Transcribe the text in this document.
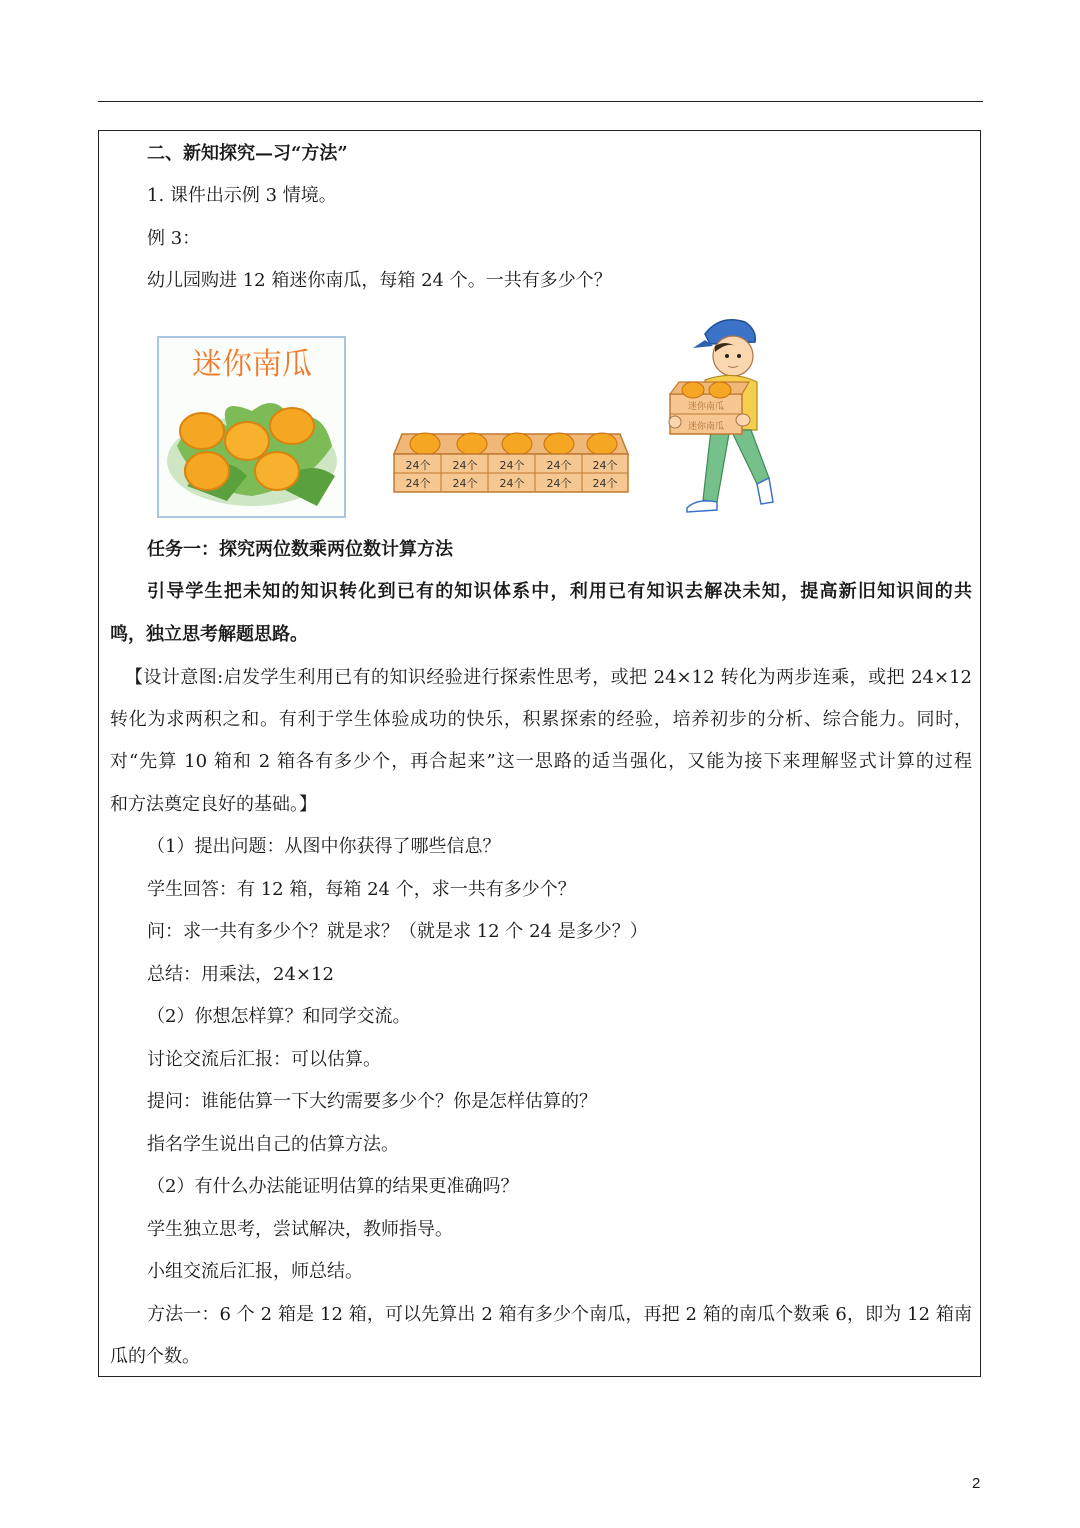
二、新知探究—习“方法”
1. 课件出示例 3 情境。
例 3：
幼儿园购进 12 箱迷你南瓜，每箱 24 个。一共有多少个？
迷你南瓜
24个 24个 24个 24个 24个
24个 24个 24个 24个 24个
迷你南瓜
迷你南瓜
任务一：探究两位数乘两位数计算方法
引导学生把未知的知识转化到已有的知识体系中，利用已有知识去解决未知，提高新旧知识间的共
鸣，独立思考解题思路。
【设计意图:启发学生利用已有的知识经验进行探索性思考，或把 24×12 转化为两步连乘，或把 24×12
转化为求两积之和。有利于学生体验成功的快乐，积累探索的经验，培养初步的分析、综合能力。同时，
对“先算 10 箱和 2 箱各有多少个，再合起来”这一思路的适当强化，又能为接下来理解竖式计算的过程
和方法奠定良好的基础。】
（1）提出问题：从图中你获得了哪些信息？
学生回答：有 12 箱，每箱 24 个，求一共有多少个？
问：求一共有多少个？就是求？（就是求 12 个 24 是多少？）
总结：用乘法，24×12
（2）你想怎样算？和同学交流。
讨论交流后汇报：可以估算。
提问：谁能估算一下大约需要多少个？你是怎样估算的？
指名学生说出自己的估算方法。
（2）有什么办法能证明估算的结果更准确吗？
学生独立思考，尝试解决，教师指导。
小组交流后汇报，师总结。
方法一：6 个 2 箱是 12 箱，可以先算出 2 箱有多少个南瓜，再把 2 箱的南瓜个数乘 6，即为 12 箱南
瓜的个数。
2
